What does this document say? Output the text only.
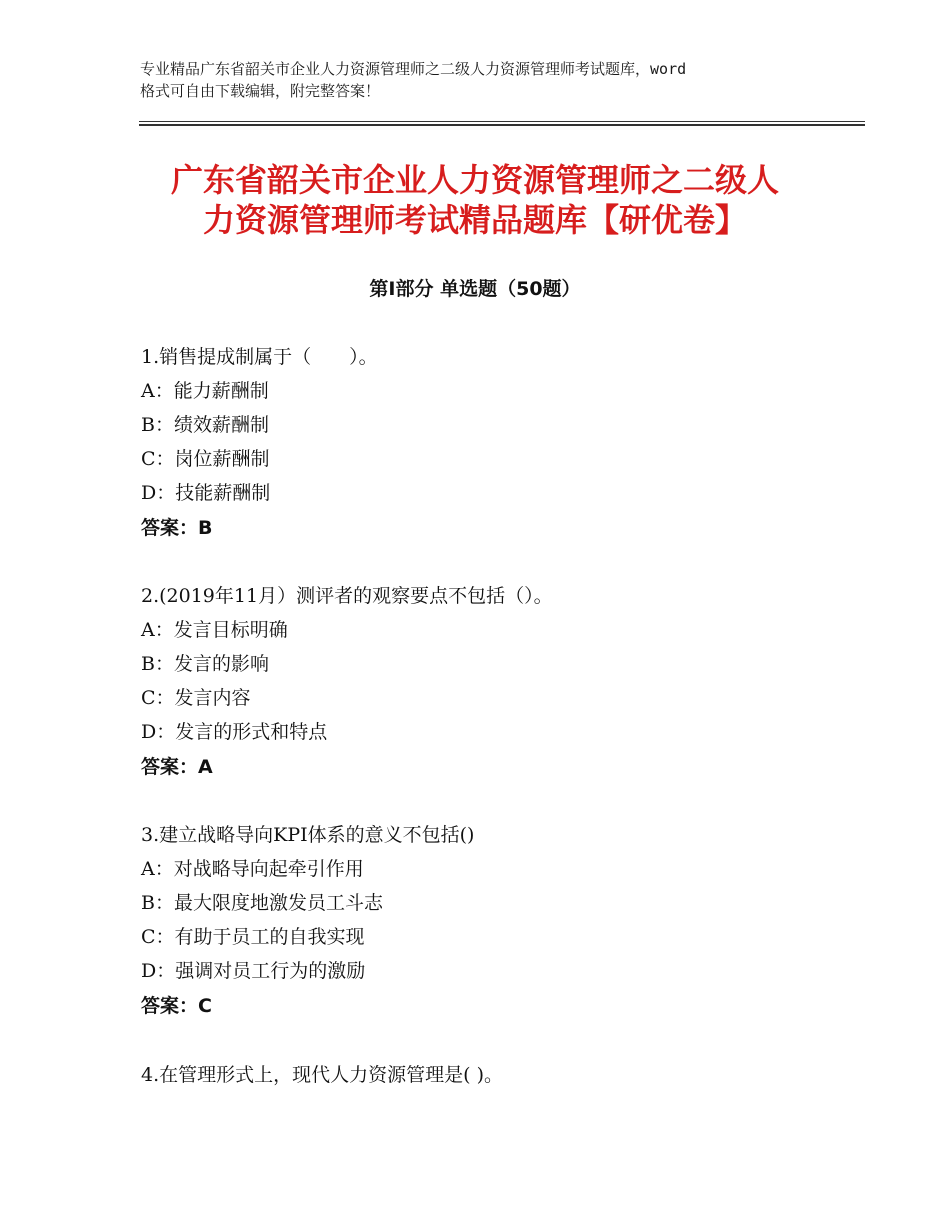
专业精品广东省韶关市企业人力资源管理师之二级人力资源管理师考试题库，word
格式可自由下载编辑，附完整答案！
广东省韶关市企业人力资源管理师之二级人
力资源管理师考试精品题库【研优卷】
第Ⅰ部分 单选题（50题）
1.销售提成制属于（　　）。
A：能力薪酬制
B：绩效薪酬制
C：岗位薪酬制
D：技能薪酬制
答案：B
2.(2019年11月）测评者的观察要点不包括（）。
A：发言目标明确
B：发言的影响
C：发言内容
D：发言的形式和特点
答案：A
3.建立战略导向KPI体系的意义不包括()
A：对战略导向起牵引作用
B：最大限度地激发员工斗志
C：有助于员工的自我实现
D：强调对员工行为的激励
答案：C
4.在管理形式上，现代人力资源管理是( )。
